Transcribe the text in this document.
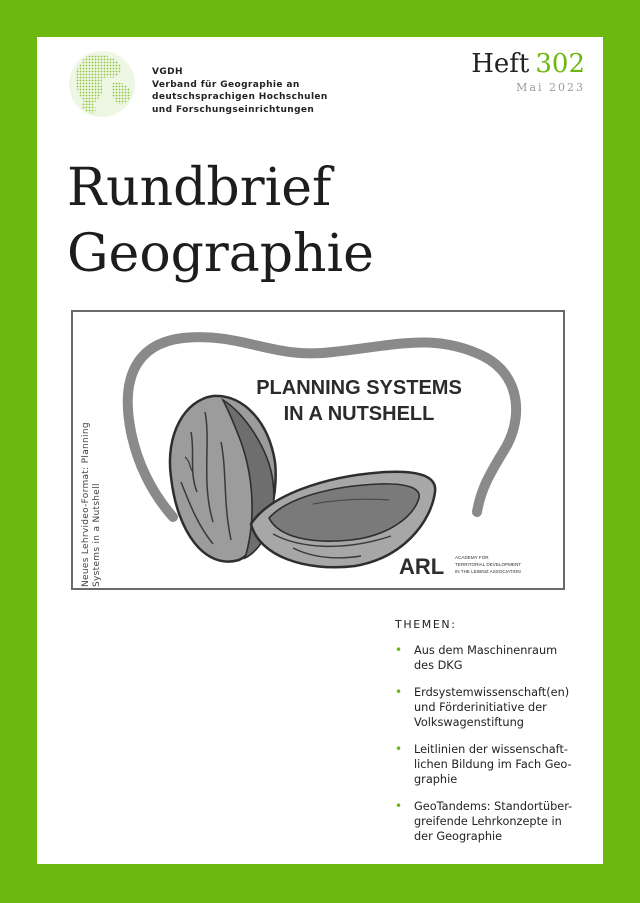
VGDH
Verband für Geographie an
deutschsprachigen Hochschulen
und Forschungseinrichtungen
Heft 302
Mai 2023
Rundbrief
Geographie
PLANNING SYSTEMS
IN A NUTSHELL
ARL ACADEMY FOR
TERRITORIAL DEVELOPMENT
IN THE LEIBNIZ ASSOCIATION
Neues Lehrvideo-Format: Planning Systems in a Nutshell
THEMEN:
• Aus dem Maschinenraum
des DKG
• Erdsystemwissenschaft(en)
und Förderinitiative der
Volkswagenstiftung
• Leitlinien der wissenschaft-
lichen Bildung im Fach Geo-
graphie
• GeoTandems: Standortüber-
greifende Lehrkonzepte in
der Geographie
